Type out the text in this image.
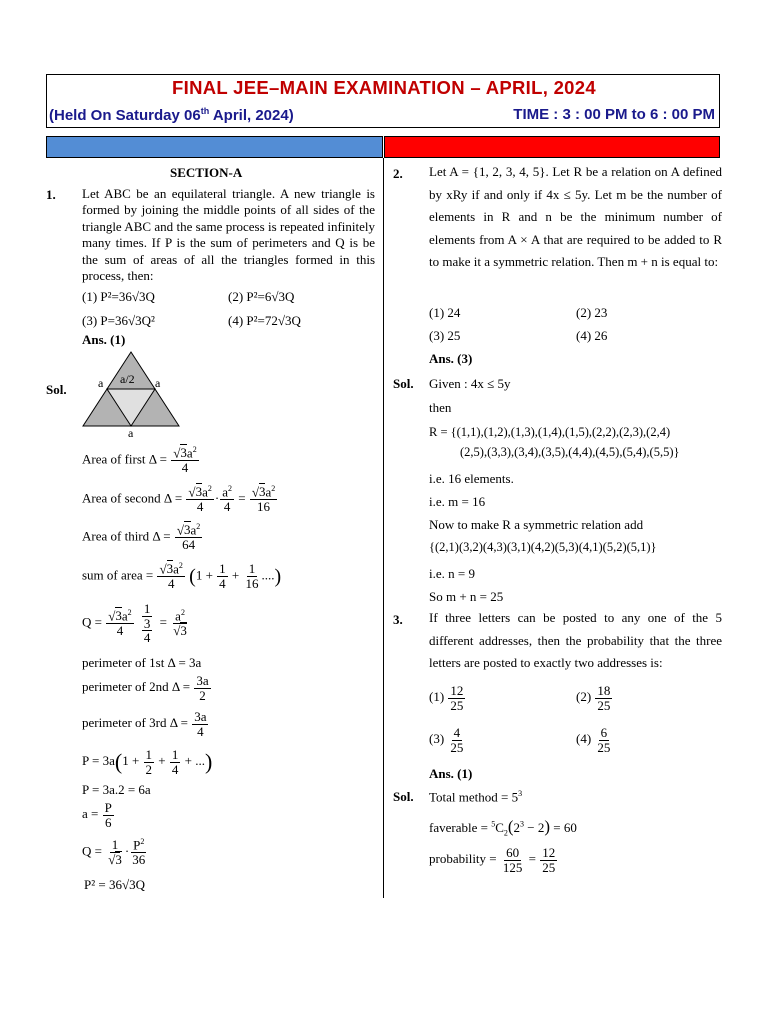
FINAL JEE–MAIN EXAMINATION – APRIL, 2024
(Held On Saturday 06th April, 2024)	TIME : 3 : 00 PM to 6 : 00 PM
SECTION-A
1. Let ABC be an equilateral triangle. A new triangle is formed by joining the middle points of all sides of the triangle ABC and the same process is repeated infinitely many times. If P is the sum of perimeters and Q is be the sum of areas of all the triangles formed in this process, then:
(1) P²=36√3Q	(2) P²=6√3Q
(3) P=36√3Q²	(4) P²=72√3Q
Ans. (1)
Sol.	a a/2 a
a
Area of first $\Delta = \frac{√3a^2}{4}$
Area of second $\Delta = \frac{√3a^2}{4} \cdot \frac{a^2}{4} = \frac{√3a^2}{16}$
Area of third $\Delta = \frac{√3a^2}{64}$
sum of area = $\frac{√3a^2}{4} (1 + \frac{1}{4} + \frac{1}{16}$ ....)
$Q = \frac{√3a^2}{4}$
$\frac{1}{\frac{3}{4}} = \frac{a^2}{√3}$
perimeter of 1st Δ = 3a
perimeter of 2nd $\Delta = \frac{3a}{2}$
perimeter of 3rd $\Delta = \frac{3a}{4}$
$P = 3a(1 + \frac{1}{2} + \frac{1}{4}$ + ...)
P = 3a.2 = 6a
$a = \frac{P}{6}$
$Q = \frac{1}{√3} \cdot \frac{P^2}{36}$
P² = 36√3Q
2. Let A = {1, 2, 3, 4, 5}. Let R be a relation on A defined by xRy if and only if 4x ≤ 5y. Let m be the number of elements in R and n be the minimum number of elements from A × A that are required to be added to R to make it a symmetric relation. Then m + n is equal to:
(1) 24	(2) 23
(3) 25	(4) 26
Ans. (3)
Sol. Given : 4x ≤ 5y
then
R = {(1,1),(1,2),(1,3),(1,4),(1,5),(2,2),(2,3),(2,4)
(2,5),(3,3),(3,4),(3,5),(4,4),(4,5),(5,4),(5,5)}
i.e. 16 elements.
i.e. m = 16
Now to make R a symmetric relation add
{(2,1)(3,2)(4,3)(3,1)(4,2)(5,3)(4,1)(5,2)(5,1)}
i.e. n = 9
So m + n = 25
3. If three letters can be posted to any one of the 5 different addresses, then the probability that the three letters are posted to exactly two addresses is:
$(1) \frac{12}{25}$	$(2) \frac{18}{25}$
$(3) \frac{4}{25}$	$(4) \frac{6}{25}$
Ans. (1)
Sol. Total method = $5^3$
faverable = $^5C_2(2^3 - 2) = 60$
probability = $\frac{60}{125} = \frac{12}{25}$
